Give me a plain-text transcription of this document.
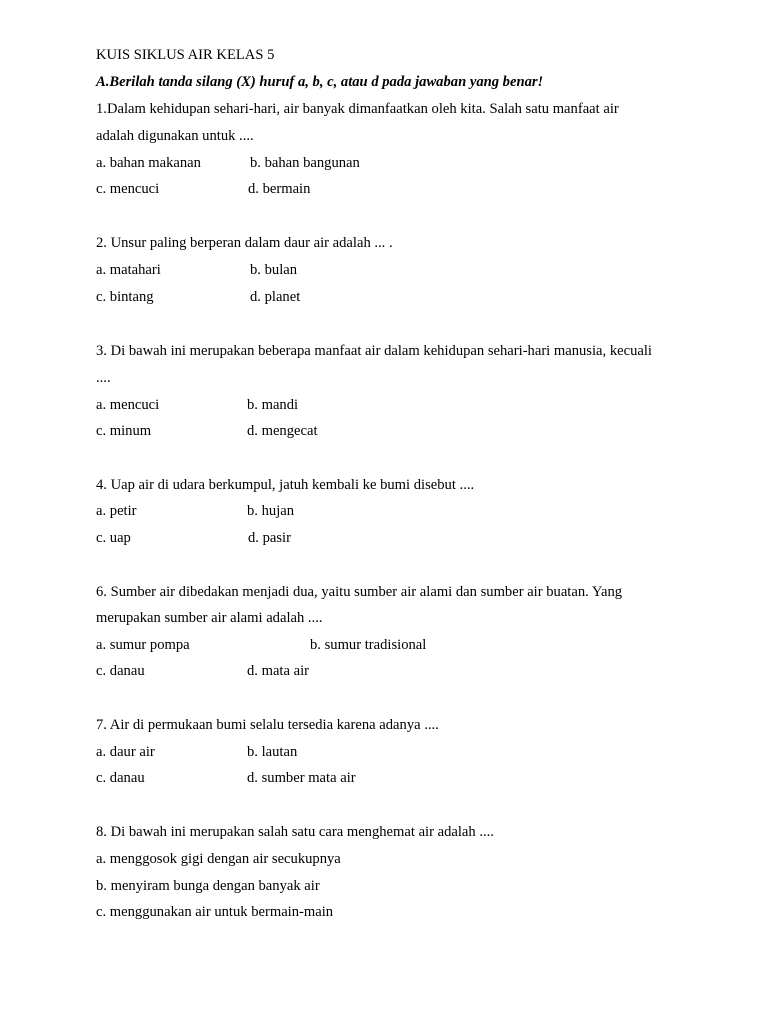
KUIS SIKLUS AIR KELAS 5
A.Berilah tanda silang (X) huruf a, b, c, atau d pada jawaban yang benar!
1.Dalam kehidupan sehari-hari, air banyak dimanfaatkan oleh kita. Salah satu manfaat air
adalah digunakan untuk ....
a. bahan makanan	b. bahan bangunan
c. mencuci	d. bermain
2. Unsur paling berperan dalam daur air adalah ... .
a. matahari	b. bulan
c. bintang	d. planet
3. Di bawah ini merupakan beberapa manfaat air dalam kehidupan sehari-hari manusia, kecuali
....
a. mencuci	b. mandi
c. minum	d. mengecat
4. Uap air di udara berkumpul, jatuh kembali ke bumi disebut ....
a. petir	b. hujan
c. uap	d. pasir
6. Sumber air dibedakan menjadi dua, yaitu sumber air alami dan sumber air buatan. Yang
merupakan sumber air alami adalah ....
a. sumur pompa	b. sumur tradisional
c. danau	d. mata air
7. Air di permukaan bumi selalu tersedia karena adanya ....
a. daur air	b. lautan
c. danau	d. sumber mata air
8. Di bawah ini merupakan salah satu cara menghemat air adalah ....
a. menggosok gigi dengan air secukupnya
b. menyiram bunga dengan banyak air
c. menggunakan air untuk bermain-main
